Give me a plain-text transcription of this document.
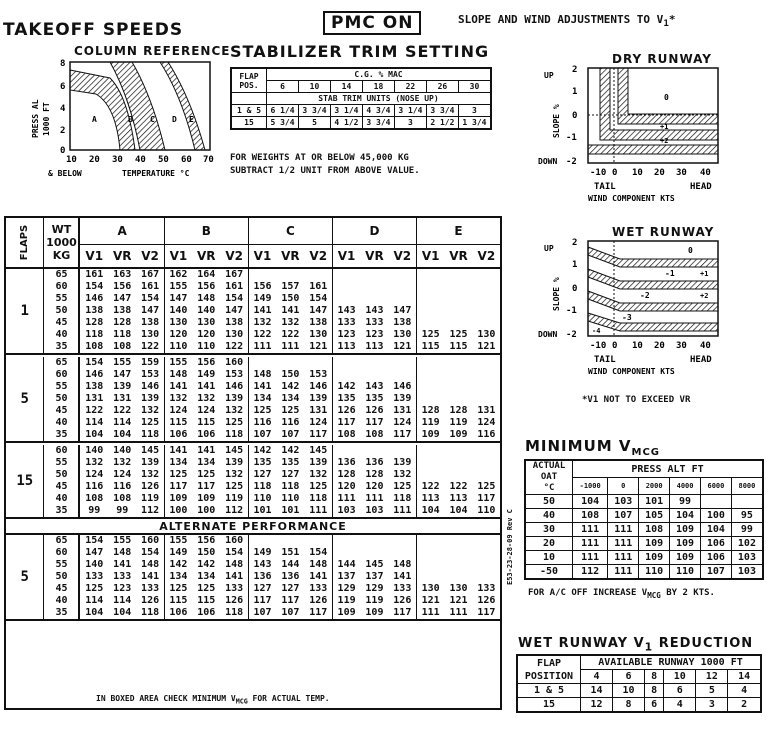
TAKEOFF SPEEDS	PMC ON	SLOPE AND WIND ADJUSTMENTS TO $V_1*$
COLUMN REFERENCE
A	B C D E
8
6
4
2
0
10 20 30 40 50 60 70
& BELOW	TEMPERATURE °C
PRESS AL 1000 FT
STABILIZER TRIM SETTING
FLAP
POS.	C.G. % MAC						
	6	10	14	18	22	26	30
	STAB TRIM UNITS (NOSE UP)						
1 & 5	6 1/4	3 3/4	3 1/4	4 3/4	3 1/4	3 3/4	3
15	5 3/4	5	4 1/2	3 3/4	3	2 1/2	1 3/4
FOR WEIGHTS AT OR BELOW 45,000 KG
SUBTRACT 1/2 UNIT FROM ABOVE VALUE.
DRY RUNWAY
0
+1
+2
2
1
0
-1
-2
UP
DOWN
SLOPE %
-10 0 10 20 30 40
TAIL	HEAD
WIND COMPONENT KTS
WET RUNWAY
0
-1
-2
-3
+1
+2
-4
2
1
0
-1
-2
UP
DOWN
SLOPE %
-10 0 10 20 30 40
TAIL	HEAD
WIND COMPONENT KTS
*V1 NOT TO EXCEED VR
FLAPS	WT
1000
KG	A			B			C			D			E		
		V1	VR	V2	V1	VR	V2	V1	VR	V2	V1	VR	V2	V1	VR	V2
1	65	161	163	167	162	164	167									
	60	154	156	161	155	156	161	156	157	161						
	55	146	147	154	147	148	154	149	150	154						
	50	138	138	147	140	140	147	141	141	147	143	143	147			
	45	128	128	138	130	130	138	132	132	138	133	133	138			
	40	118	118	130	120	120	130	122	122	130	123	123	130	125	125	130
	35	108	108	122	110	110	122	111	111	121	113	113	121	115	115	121

5	65	154	155	159	155	156	160									
	60	146	147	153	148	149	153	148	150	153						
	55	138	139	146	141	141	146	141	142	146	142	143	146			
	50	131	131	139	132	132	139	134	134	139	135	135	139			
	45	122	122	132	124	124	132	125	125	131	126	126	131	128	128	131
	40	114	114	125	115	115	125	116	116	124	117	117	124	119	119	124
	35	104	104	118	106	106	118	107	107	117	108	108	117	109	109	116

15	60	140	140	145	141	141	145	142	142	145						
	55	132	132	139	134	134	139	135	135	139	136	136	139			
	50	124	124	132	125	125	132	127	127	132	128	128	132			
	45	116	116	126	117	117	125	118	118	125	120	120	125	122	122	125
	40	108	108	119	109	109	119	110	110	118	111	111	118	113	113	117
	35	99	99	112	100	100	112	101	101	111	103	103	111	104	104	110

ALTERNATE PERFORMANCE																
5	65	154	155	160	155	156	160									
	60	147	148	154	149	150	154	149	151	154						
	55	140	141	148	142	142	148	143	144	148	144	145	148			
	50	133	133	141	134	134	141	136	136	141	137	137	141			
	45	125	123	133	125	125	133	127	127	133	129	129	133	130	130	133
	40	114	114	126	115	115	126	117	117	126	119	119	126	121	121	126
	35	104	104	118	106	106	118	107	107	117	109	109	117	111	111	117

IN BOXED AREA CHECK MINIMUM $V_{MCG}$ FOR ACTUAL TEMP.
MINIMUM $V_{MCG}$
E53-23-28-09 Rev C
ACTUAL
OAT
°C	PRESS ALT FT					
	-1000	0	2000	4000	6000	8000
50	104	103	101	99		
40	108	107	105	104	100	95
30	111	111	108	109	104	99
20	111	111	109	109	106	102
10	111	111	109	109	106	103
-50	112	111	110	110	107	103
FOR A/C OFF INCREASE $V_{MCG}$ BY 2 KTS.
WET RUNWAY $V_1$ REDUCTION
FLAP
POSITION	AVAILABLE RUNWAY 1000 FT					
	4	6	8	10	12	14
1 & 5	14	10	8	6	5	4
15	12	8	6	4	3	2
